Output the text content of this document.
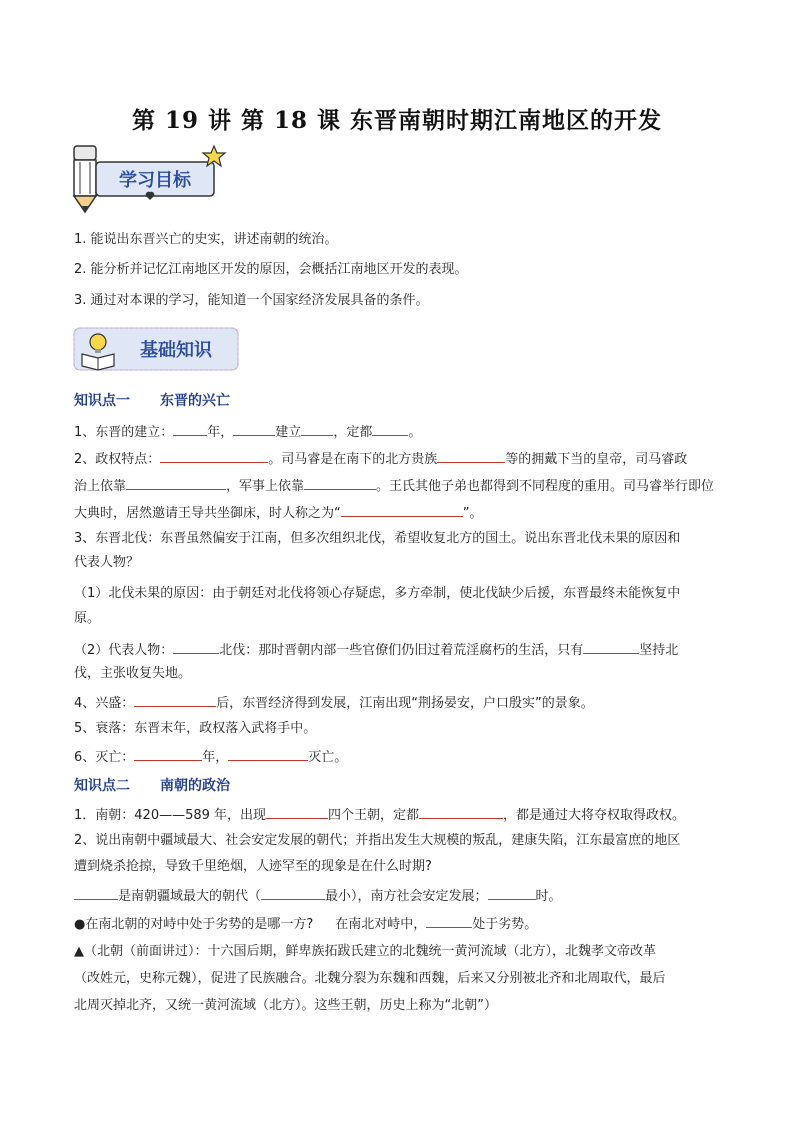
第 19 讲 第 18 课 东晋南朝时期江南地区的开发
学习目标
1. 能说出东晋兴亡的史实，讲述南朝的统治。
2. 能分析并记忆江南地区开发的原因，会概括江南地区开发的表现。
3. 通过对本课的学习，能知道一个国家经济发展具备的条件。
基础知识
知识点一 东晋的兴亡
1、东晋的建立：	年，	建立 ，定都	。
2、政权特点：	。司马睿是在南下的北方贵族	等的拥戴下当的皇帝，司马睿政
治上依靠	，军事上依靠	。王氏其他子弟也都得到不同程度的重用。司马睿举行即位
大典时，居然邀请王导共坐御床，时人称之为“	”。
3、东晋北伐：东晋虽然偏安于江南，但多次组织北伐，希望收复北方的国土。说出东晋北伐未果的原因和
代表人物？
（1）北伐未果的原因：由于朝廷对北伐将领心存疑虑，多方牵制，使北伐缺少后援，东晋最终未能恢复中
原。
（2）代表人物：	北伐：那时晋朝内部一些官僚们仍旧过着荒淫腐朽的生活，只有	坚持北
伐，主张收复失地。
4、兴盛：	后，东晋经济得到发展，江南出现“荆扬晏安，户口殷实”的景象。
5、衰落：东晋末年，政权落入武将手中。
6、灭亡：	年，	灭亡。
知识点二 南朝的政治
1．南朝：420——589 年，出现	四个王朝，定都	，都是通过大将夺权取得政权。
2、说出南朝中疆域最大、社会安定发展的朝代；并指出发生大规模的叛乱，建康失陷，江东最富庶的地区
遭到烧杀抢掠，导致千里绝烟，人迹罕至的现象是在什么时期?
是南朝疆域最大的朝代（	最小），南方社会安定发展；	时。
●在南北朝的对峙中处于劣势的是哪一方? 在南北对峙中，	处于劣势。
▲（北朝（前面讲过）：十六国后期，鲜卑族拓跋氏建立的北魏统一黄河流域（北方），北魏孝文帝改革
（改姓元，史称元魏），促进了民族融合。北魏分裂为东魏和西魏，后来又分别被北齐和北周取代，最后
北周灭掉北齐，又统一黄河流域（北方）。这些王朝，历史上称为“北朝”）
